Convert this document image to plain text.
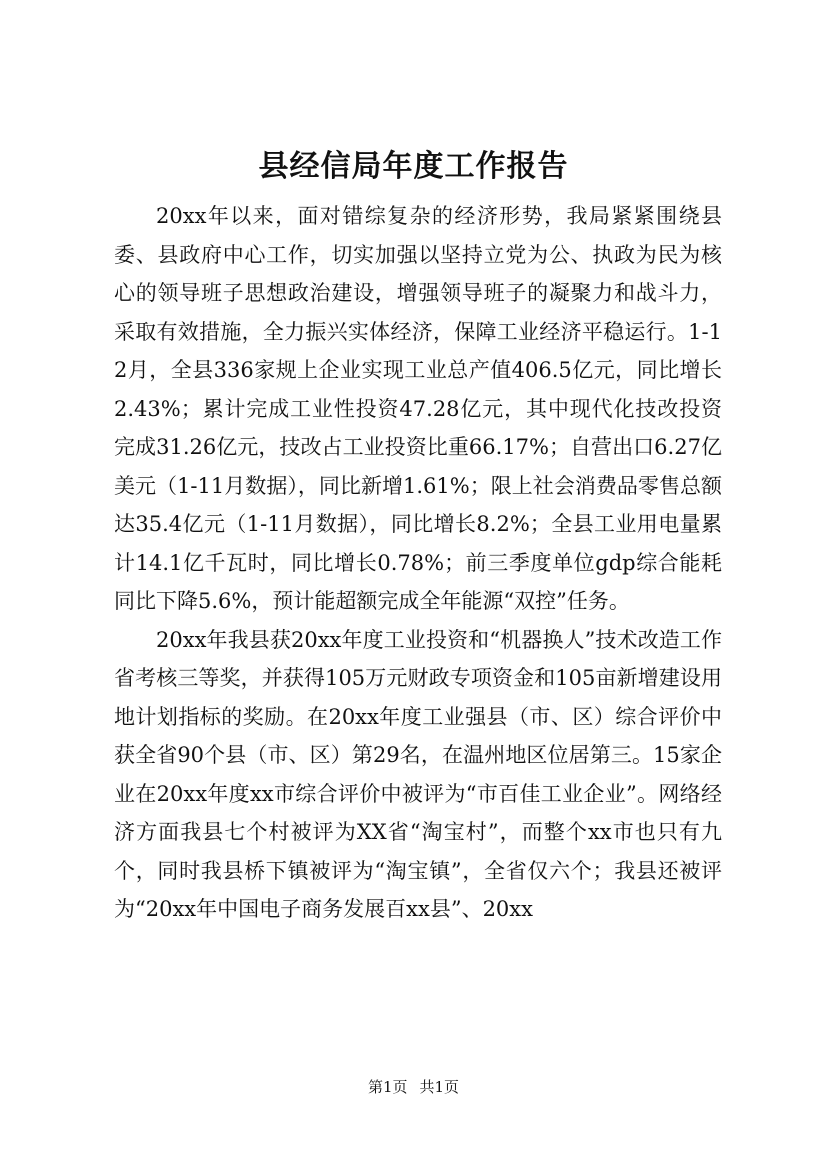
县经信局年度工作报告

20xx年以来，面对错综复杂的经济形势，我局紧紧围绕县委、县政府中心工作，切实加强以坚持立党为公、执政为民为核心的领导班子思想政治建设，增强领导班子的凝聚力和战斗力，采取有效措施，全力振兴实体经济，保障工业经济平稳运行。1-12月，全县336家规上企业实现工业总产值406.5亿元，同比增长2.43%；累计完成工业性投资47.28亿元，其中现代化技改投资完成31.26亿元，技改占工业投资比重66.17%；自营出口6.27亿美元（1-11月数据），同比新增1.61%；限上社会消费品零售总额达35.4亿元（1-11月数据），同比增长8.2%；全县工业用电量累计14.1亿千瓦时，同比增长0.78%；前三季度单位gdp综合能耗同比下降5.6%，预计能超额完成全年能源“双控”任务。

20xx年我县获20xx年度工业投资和“机器换人”技术改造工作省考核三等奖，并获得105万元财政专项资金和105亩新增建设用地计划指标的奖励。在20xx年度工业强县（市、区）综合评价中获全省90个县（市、区）第29名，在温州地区位居第三。15家企业在20xx年度xx市综合评价中被评为“市百佳工业企业”。网络经济方面我县七个村被评为XX省“淘宝村”，而整个xx市也只有九个，同时我县桥下镇被评为“淘宝镇”，全省仅六个；我县还被评为“20xx年中国电子商务发展百xx县”、20xx

第1页 共1页
